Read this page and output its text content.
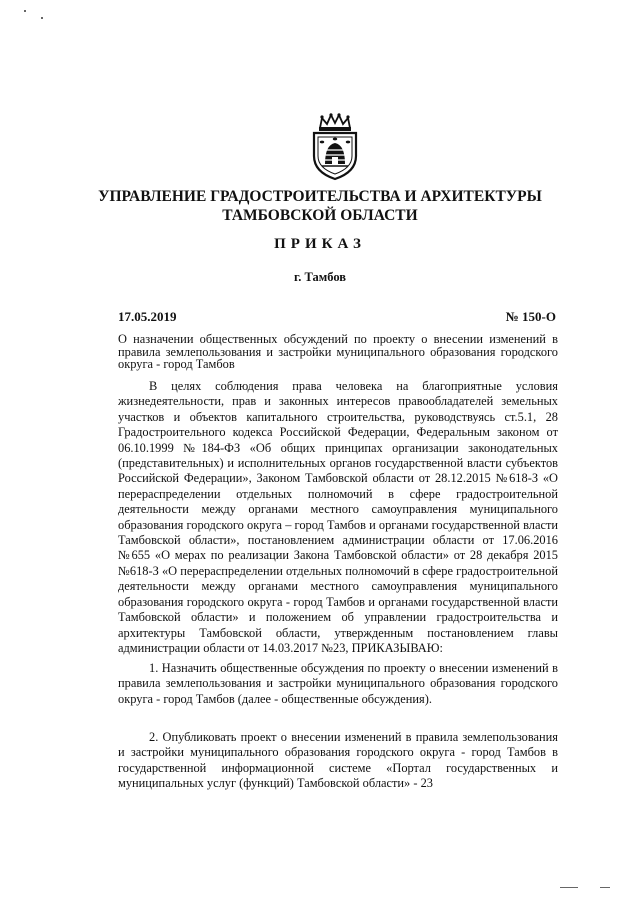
УПРАВЛЕНИЕ ГРАДОСТРОИТЕЛЬСТВА И АРХИТЕКТУРЫ
ТАМБОВСКОЙ ОБЛАСТИ
ПРИКАЗ
г. Тамбов
17.05.2019	№ 150-О
О назначении общественных обсуждений по проекту о внесении изменений в правила землепользования и застройки муниципального образования городского округа - город Тамбов
В целях соблюдения права человека на благоприятные условия жизнедеятельности, прав и законных интересов правообладателей земельных участков и объектов капитального строительства, руководствуясь ст.5.1, 28 Градостроительного кодекса Российской Федерации, Федеральным законом от 06.10.1999 №184-ФЗ «Об общих принципах организации законодательных (представительных) и исполнительных органов государственной власти субъектов Российской Федерации», Законом Тамбовской области от 28.12.2015 №618-З «О перераспределении отдельных полномочий в сфере градостроительной деятельности между органами местного самоуправления муниципального образования городского округа – город Тамбов и органами государственной власти Тамбовской области», постановлением администрации области от 17.06.2016 №655 «О мерах по реализации Закона Тамбовской области» от 28 декабря 2015 №618-З «О перераспределении отдельных полномочий в сфере градостроительной деятельности между органами местного самоуправления муниципального образования городского округа - город Тамбов и органами государственной власти Тамбовской области» и положением об управлении градостроительства и архитектуры Тамбовской области, утвержденным постановлением главы администрации области от 14.03.2017 №23, ПРИКАЗЫВАЮ:
1. Назначить общественные обсуждения по проекту о внесении изменений в правила землепользования и застройки муниципального образования городского округа - город Тамбов (далее - общественные обсуждения).
2. Опубликовать проект о внесении изменений в правила землепользования и застройки муниципального образования городского округа - город Тамбов в государственной информационной системе «Портал государственных и муниципальных услуг (функций) Тамбовской области» - 23
